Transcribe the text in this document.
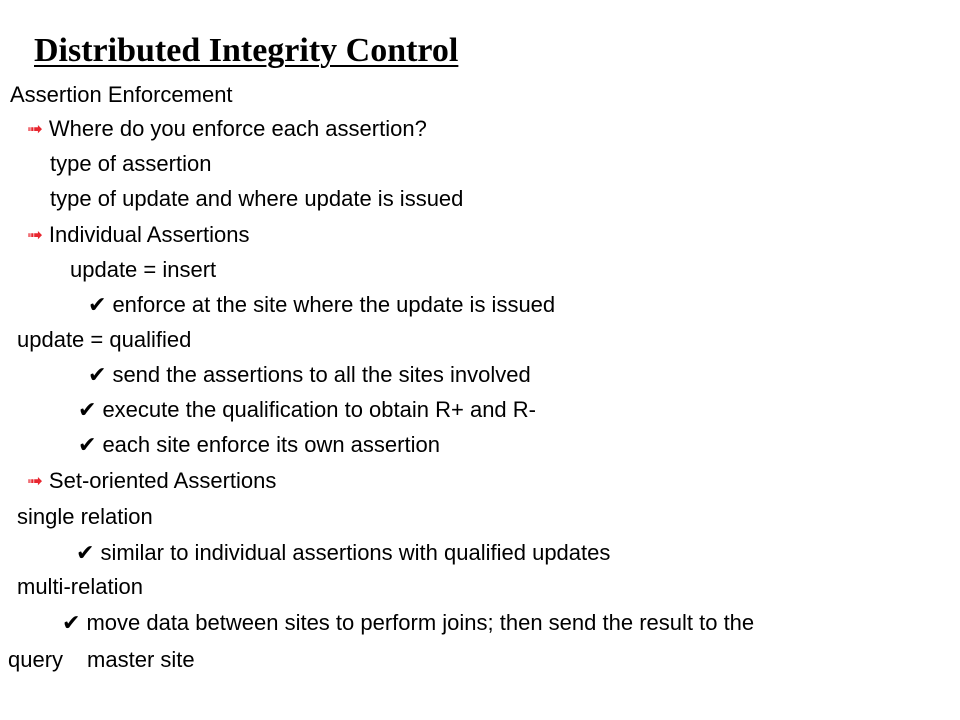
Distributed Integrity Control
Assertion Enforcement
➟ Where do you enforce each assertion?
type of assertion
type of update and where update is issued
➟ Individual Assertions
update = insert
✔ enforce at the site where the update is issued
update = qualified
✔ send the assertions to all the sites involved
✔ execute the qualification to obtain R+ and R-
✔ each site enforce its own assertion
➟ Set-oriented Assertions
single relation
✔ similar to individual assertions with qualified updates
multi-relation
✔ move data between sites to perform joins; then send the result to the
query master site
